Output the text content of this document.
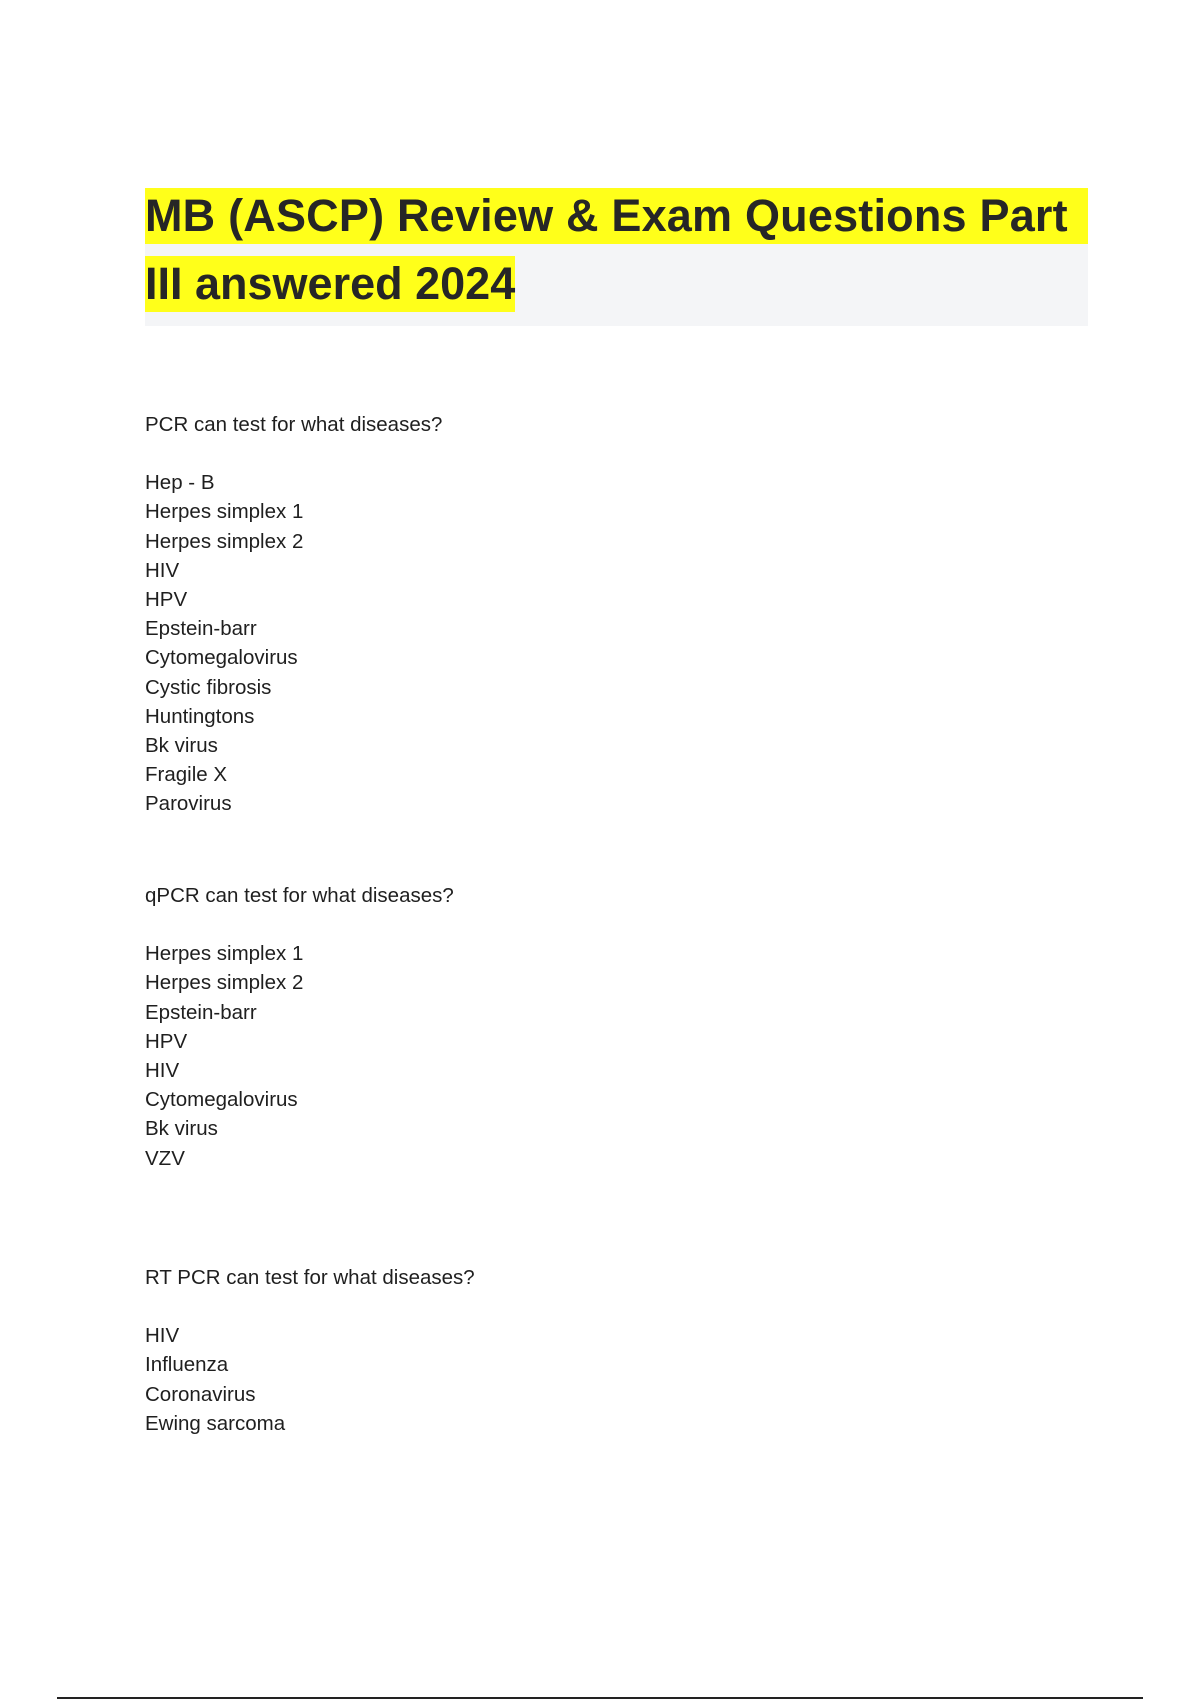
MB (ASCP) Review & Exam Questions Part
III answered 2024
PCR can test for what diseases?
Hep - B
Herpes simplex 1
Herpes simplex 2
HIV
HPV
Epstein-barr
Cytomegalovirus
Cystic fibrosis
Huntingtons
Bk virus
Fragile X
Parovirus
qPCR can test for what diseases?
Herpes simplex 1
Herpes simplex 2
Epstein-barr
HPV
HIV
Cytomegalovirus
Bk virus
VZV
RT PCR can test for what diseases?
HIV
Influenza
Coronavirus
Ewing sarcoma
